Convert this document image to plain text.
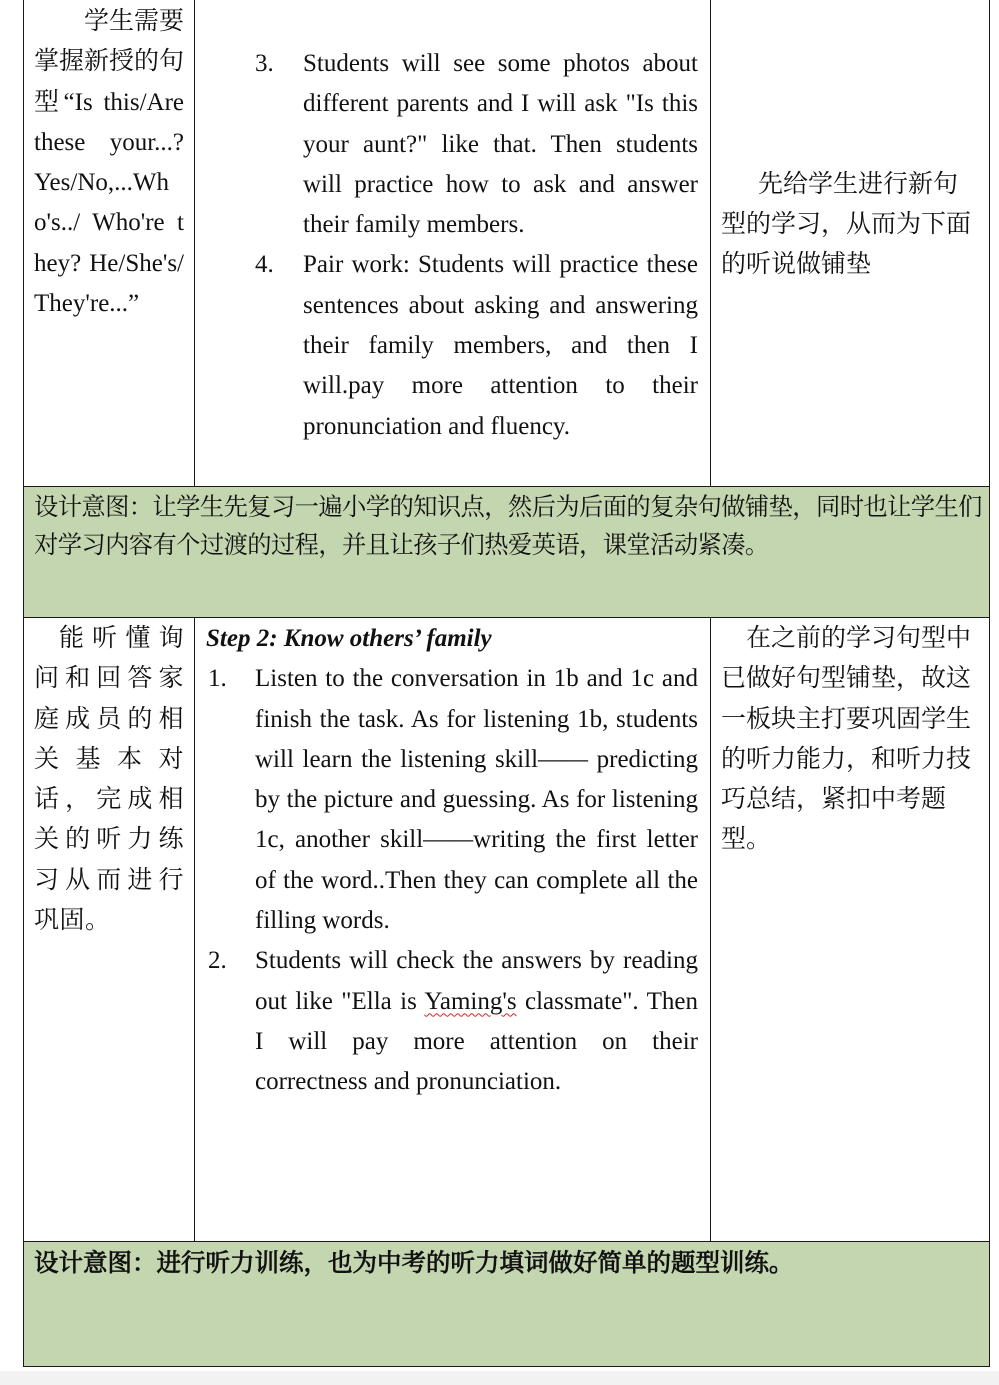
学生需要掌握新授的句型“Is this/Are these your...? Yes/No,...Who's../ Who're they? He/She's/ They're...”
3. Students will see some photos about different parents and I will ask "Is this your aunt?" like that. Then students will practice how to ask and answer their family members.
4. Pair work: Students will practice these sentences about asking and answering their family members, and then I will.pay more attention to their pronunciation and fluency.
先给学生进行新句型的学习，从而为下面的听说做铺垫
设计意图：让学生先复习一遍小学的知识点，然后为后面的复杂句做铺垫，同时也让学生们对学习内容有个过渡的过程，并且让孩子们热爱英语，课堂活动紧凑。
能听懂询问和回答家庭成员的相关基本对话，完成相关的听力练习从而进行巩固。
Step 2: Know others’ family
1. Listen to the conversation in 1b and 1c and finish the task. As for listening 1b, students will learn the listening skill—— predicting by the picture and guessing. As for listening 1c, another skill——writing the first letter of the word..Then they can complete all the filling words.
2. Students will check the answers by reading out like "Ella is Yaming's classmate". Then I will pay more attention on their correctness and pronunciation.
在之前的学习句型中已做好句型铺垫，故这一板块主打要巩固学生的听力能力，和听力技巧总结，紧扣中考题型。
设计意图：进行听力训练，也为中考的听力填词做好简单的题型训练。
